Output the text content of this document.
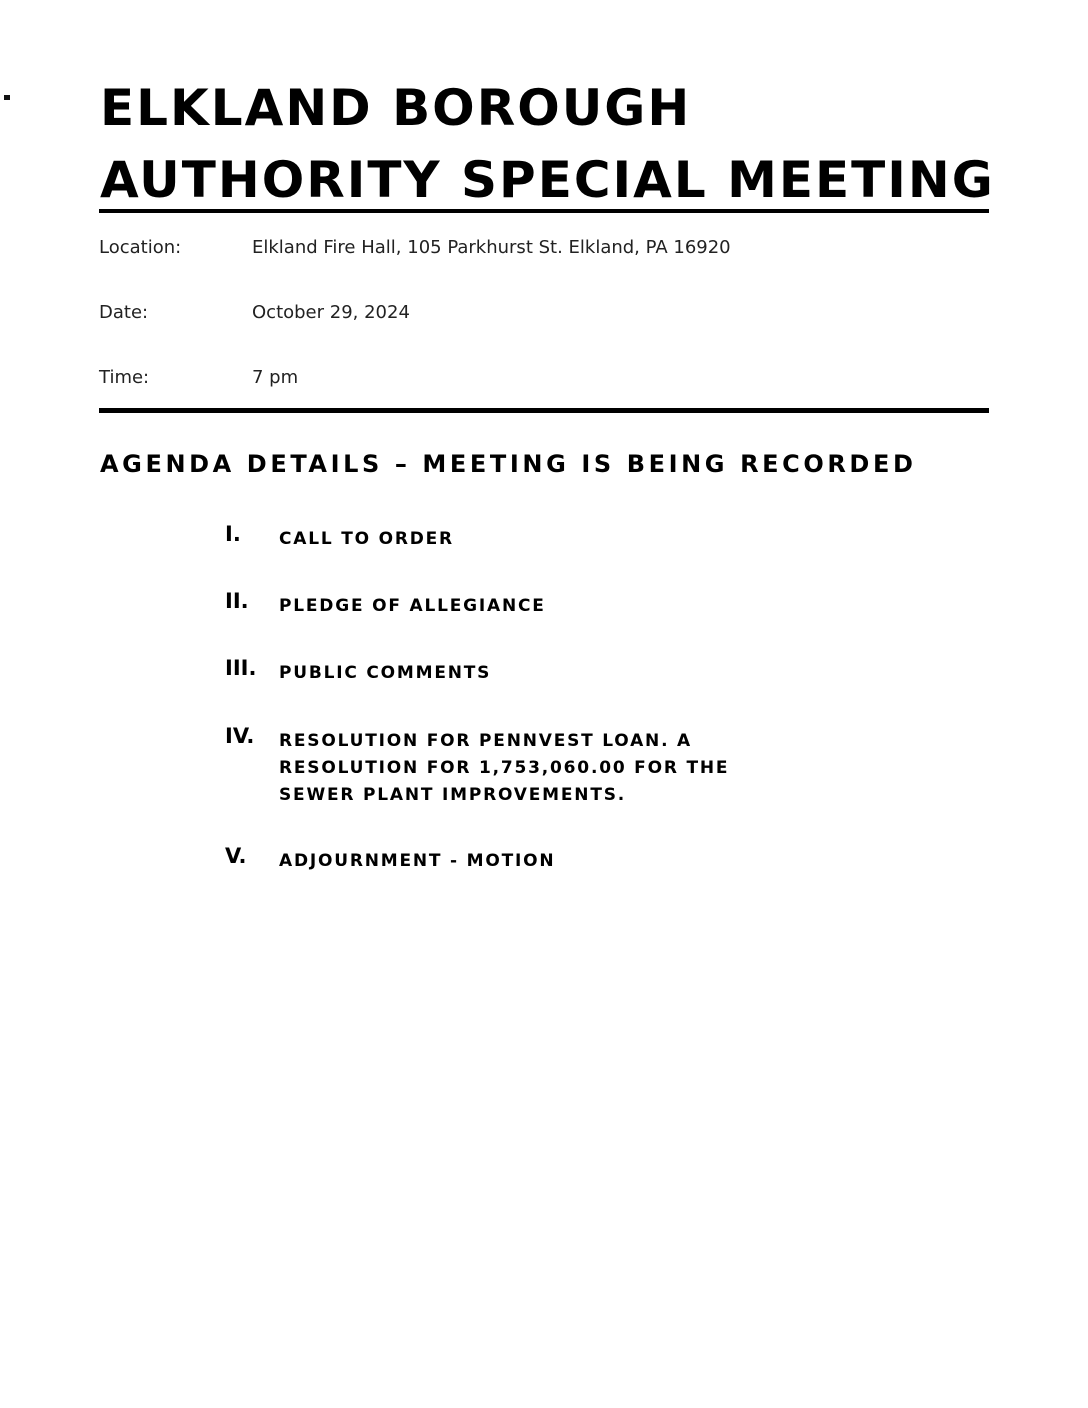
ELKLAND BOROUGH
AUTHORITY SPECIAL MEETING
Location:	Elkland Fire Hall, 105 Parkhurst St. Elkland, PA 16920
Date:	October 29, 2024
Time:	7 pm
AGENDA DETAILS – MEETING IS BEING RECORDED
I. CALL TO ORDER
II. PLEDGE OF ALLEGIANCE
III. PUBLIC COMMENTS
IV. RESOLUTION FOR PENNVEST LOAN. A RESOLUTION FOR 1,753,060.00 FOR THE SEWER PLANT IMPROVEMENTS.
V. ADJOURNMENT - MOTION
